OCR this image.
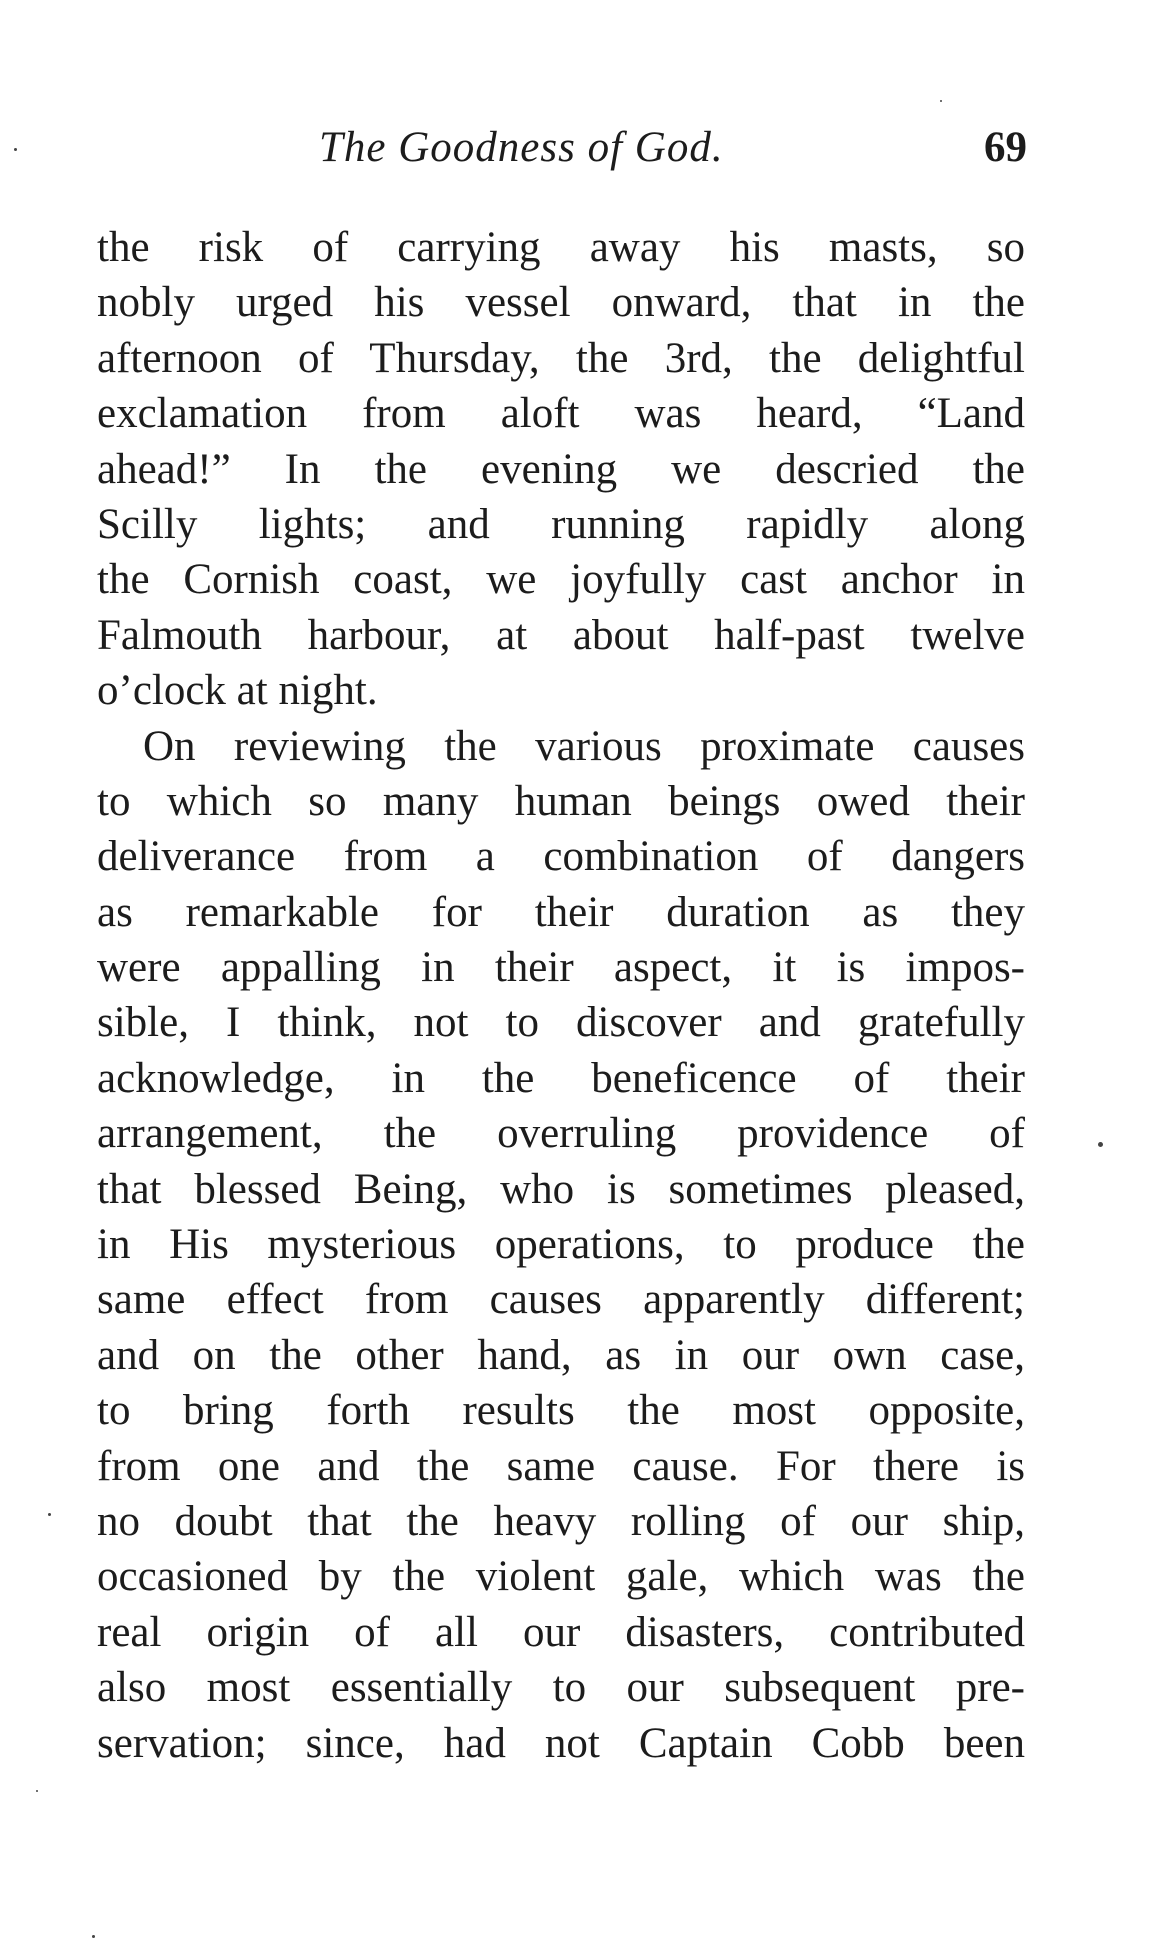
The Goodness of God.	69
the risk of carrying away his masts, so
nobly urged his vessel onward, that in the
afternoon of Thursday, the 3rd, the delightful
exclamation from aloft was heard, “Land
ahead!” In the evening we descried the
Scilly lights; and running rapidly along
the Cornish coast, we joyfully cast anchor in
Falmouth harbour, at about half-past twelve
o’clock at night.
On reviewing the various proximate causes
to which so many human beings owed their
deliverance from a combination of dangers
as remarkable for their duration as they
were appalling in their aspect, it is impos-
sible, I think, not to discover and gratefully
acknowledge, in the beneficence of their
arrangement, the overruling providence of
that blessed Being, who is sometimes pleased,
in His mysterious operations, to produce the
same effect from causes apparently different;
and on the other hand, as in our own case,
to bring forth results the most opposite,
from one and the same cause. For there is
no doubt that the heavy rolling of our ship,
occasioned by the violent gale, which was the
real origin of all our disasters, contributed
also most essentially to our subsequent pre-
servation; since, had not Captain Cobb been
